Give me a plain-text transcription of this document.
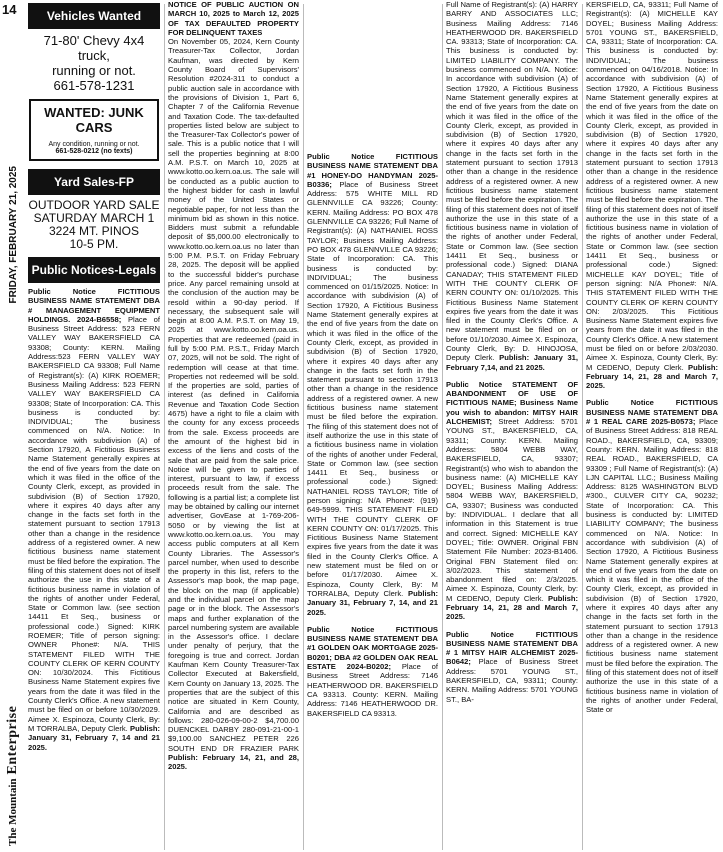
14
The Mountain
Enterprise
FRIDAY, FEBRUARY 21, 2025
Vehicles Wanted
71-80' Chevy 4x4 truck,
running or not.
661-578-1231
WANTED: JUNK CARS
Any condition, running or not.
661-528-0212 (no texts)
Yard Sales-FP
OUTDOOR YARD SALE
SATURDAY MARCH 1
3224 MT. PINOS
10-5 PM.
Public Notices-Legals
Public Notice FICTITIOUS BUSINESS NAME STATEMENT DBA # MANAGEMENT EQUIPMENT HOLDINGS. 2024-B6558; Place of Business Street Address: 523 FERN VALLEY WAY BAKERSFIELD CA 93308; County: KERN. Mailing Address:523 FERN VALLEY WAY BAKERSFIELD CA 93308; Full Name of Registrant(s): (A) KIRK ROEMER; Business Mailing Address: 523 FERN VALLEY WAY BAKERSFIELD CA 93308; State of Incorporation: CA. This business is conducted by: INDIVIDUAL; The business commenced on N/A. Notice: In accordance with subdivision (A) of Section 17920, A Fictitious Business Name Statement generally expires at the end of five years from the date on which it was filed in the office of the County Clerk, except, as provided in subdivision (B) of Section 17920, where it expires 40 days after any change in the facts set forth in the statement pursuant to section 17913 other than a change in the residence address of a registered owner. A new fictitious business name statement must be filed before the expiration. The filing of this statement does not of itself authorize the use in this state of a fictitious business name in violation of the rights of another under Federal, State or Common law. (see section 14411 Et Seq., business or professional code.) Signed: KIRK ROEMER; Title of person signing: OWNER Phone#: N/A. THIS STATEMENT FILED WITH THE COUNTY CLERK OF KERN COUNTY ON: 10/30/2024. This Fictitious Business Name Statement expires five years from the date it was filed in the County Clerk's Office. A new statement must be filed on or before 10/30/2029. Aimee X. Espinoza, County Clerk, By: M TORRALBA, Deputy Clerk. Publish: January 31, February 7, 14 and 21 2025.
NOTICE OF PUBLIC AUCTION ON MARCH 10, 2025 to March 12, 2025 OF TAX DEFAULTED PROPERTY FOR DELINQUENT TAXES
On November 05, 2024, Kern County Treasurer-Tax Collector, Jordan Kaufman, was directed by Kern County Board of Supervisors' Resolution #2024-311 to conduct a public auction sale in accordance with the provisions of Division 1, Part 6, Chapter 7 of the California Revenue and Taxation Code. The tax-defaulted properties listed below are subject to the Treasurer-Tax Collector's power of sale. This is a public notice that I will sell the properties beginning at 8:00 A.M. P.S.T. on March 10, 2025 at www.kotto.oo.kern.oa.us. The sale will be conducted as a public auction to the highest bidder for cash in lawful money of the United States or negotiable paper, for not less than the minimum bid as shown in this notice. Bidders must submit a refundable deposit of $5,000.00 electronically to www.kotto.oo.kern.oa.us no later than 5:00 P.M. P.S.T. on Friday February 28, 2025. The deposit will be applied to the successful bidder's purchase price. Any parcel remaining unsold at the conclusion of the auction may be resold within a 90-day period. If necessary, the subsequent sale will begin at 8:00 A.M. P.S.T. on May 19, 2025 at www.kotto.oo.kern.oa.us. Properties that are redeemed (paid in full by 5:00 P.M. P.S.T., Friday March 07, 2025, will not be sold. The right of redemption will cease at that time. Properties not redeemed will be sold. If the properties are sold, parties of interest (as defined in California Revenue and Taxation Code Section 4675) have a right to file a claim with the county for any excess proceeds from the sale. Excess proceeds are the amount of the highest bid in excess of the liens and costs of the sale that are paid from the sale price. Notice will be given to parties of interest, pursuant to law, if excess proceeds result from the sale. The following is a partial list; a complete list may be obtained by calling our internet advertiser, GovEase at 1-769-206-5050 or by viewing the list at www.kotto.oo.kern.oa.us. You may access public computers at all Kern County Libraries. The Assessor's parcel number, when used to describe the property in this list, refers to the Assessor's map book, the map page, the block on the map (if applicable) and the individual parcel on the map page or in the block. The Assessor's maps and further explanation of the parcel numbering system are available in the Assessor's office. I declare under penalty of perjury, that the foregoing is true and correct. Jordan Kaufman Kern County Treasurer-Tax Collector Executed at Bakersfield, Kern County on January 13, 2025. The properties that are the subject of this notice are situated in Kern County, California and are described as follows: 280-026-09-00-2 $4,700.00 DUENCKEL DARBY 280-091-21-00-1 $9,100.00 SANCHEZ PETER 226 SOUTH END DR FRAZIER PARK Publish: February 14, 21, and 28, 2025.
Public Notice FICTITIOUS BUSINESS NAME STATEMENT DBA #1 HONEY-DO HANDYMAN 2025-B0336; Place of Business Street Address: 575 WHITE MILL RD GLENNVILLE CA 93226; County: KERN. Mailing Address: PO BOX 478 GLENNVILLE CA 93226; Full Name of Registrant(s): (A) NATHANIEL ROSS TAYLOR; Business Mailing Address: PO BOX 478 GLENNVILLE CA 93226; State of Incorporation: CA. This business is conducted by: INDIVIDUAL; The business commenced on 01/15/2025. Notice: In accordance with subdivision (A) of Section 17920, A Fictitious Business Name Statement generally expires at the end of five years from the date on which it was filed in the office of the County Clerk, except, as provided in subdivision (B) of Section 17920, where it expires 40 days after any change in the facts set forth in the statement pursuant to section 17913 other than a change in the residence address of a registered owner. A new fictitious business name statement must be filed before the expiration. The filing of this statement does not of itself authorize the use in this state of a fictitious business name in violation of the rights of another under Federal, State or Common law. (see section 14411 Et Seq., business or professional code.) Signed: NATHANIEL ROSS TAYLOR; Title of person signing: N/A Phone#: (919) 649-5999. THIS STATEMENT FILED WITH THE COUNTY CLERK OF KERN COUNTY ON: 01/17/2025. This Fictitious Business Name Statement expires five years from the date it was filed in the County Clerk's Office. A new statement must be filed on or before 01/17/2030. Aimee X. Espinoza, County Clerk, By: M TORRALBA, Deputy Clerk. Publish: January 31, February 7, 14, and 21 2025.
Public Notice FICTITIOUS BUSINESS NAME STATEMENT DBA #1 GOLDEN OAK MORTGAGE 2025-B0201; DBA #2 GOLDEN OAK REAL ESTATE 2024-B0202; Place of Business Street Address: 7146 HEATHERWOOD DR. BAKERSFIELD CA 93313. County: KERN. Mailing Address: 7146 HEATHERWOOD DR. BAKERSFIELD CA 93313.
Full Name of Registrant(s): (A) HARRY BARRY AND ASSOCIATES LLC; Business Mailing Address: 7146 HEATHERWOOD DR. BAKERSFIELD CA. 93313; State of Incorporation: CA. This business is conducted by: LIMITED LIABILITY COMPANY. The business commenced on N/A. Notice: In accordance with subdivision (A) of Section 17920, A Fictitious Business Name Statement generally expires at the end of five years from the date on which it was filed in the office of the County Clerk, except, as provided in subdivision (B) of Section 17920, where it expires 40 days after any change in the facts set forth in the statement pursuant to section 17913 other than a change in the residence address of a registered owner. A new fictitious business name statement must be filed before the expiration. The filing of this statement does not of itself authorize the use in this state of a fictitious business name in violation of the rights of another under Federal, State or Common law. (See section 14411 Et Seq., business or professional code.) Signed: DIANA CANADAY; THIS STATEMENT FILED WITH THE COUNTY CLERK OF KERN COUNTY ON: 01/10/2025. This Fictitious Business Name Statement expires five years from the date it was filed in the County Clerk's Office. A new statement must be filed on or before 01/10/2030. Aimee X. Espinoza, County Clerk, By: D. HINOJOSA, Deputy Clerk. Publish: January 31, February 7,14, and 21 2025.
Public Notice STATEMENT OF ABANDONMENT OF USE OF FICTITIOUS NAME; Business Name you wish to abandon: MITSY HAIR ALCHEMIST; Street Address: 5701 YOUNG ST., BAKERSFIELD, CA, 93311; County: KERN. Mailing Address: 5804 WEBB WAY, BAKERSFIELD, CA, 93307; Registrant(s) who wish to abandon the business name: (A) MICHELLE KAY DOYEL; Business Mailing Address: 5804 WEBB WAY, BAKERSFIELD, CA, 93307; Business was conducted by: INDIVIDUAL. I declare that all information in this Statement is true and correct. Signed: MICHELLE KAY DOYEL; Title: OWNER. Original FBN Statement File Number: 2023-B1406. Original FBN Statement filed on: 3/02/2023. This statement of abandonment filed on: 2/3/2025. Aimee X. Espinoza, County Clerk, by: M CEDENO, Deputy Clerk. Publish: February 14, 21, 28 and March 7, 2025.
Public Notice FICTITIOUS BUSINESS NAME STATEMENT DBA # 1 MITSY HAIR ALCHEMIST 2025-B0642; Place of Business Street Address: 5701 YOUNG ST., BAKERSFIELD, CA, 93311; County: KERN. Mailing Address: 5701 YOUNG ST., BA-
KERSFIELD, CA, 93311; Full Name of Registrant(s): (A) MICHELLE KAY DOYEL; Business Mailing Address: 5701 YOUNG ST., BAKERSFIELD, CA, 93311; State of Incorporation: CA. This business is conducted by: INDIVIDUAL; The business commenced on 04/16/2018. Notice: In accordance with subdivision (A) of Section 17920, A Fictitious Business Name Statement generally expires at the end of five years from the date on which it was filed in the office of the County Clerk, except, as provided in subdivision (B) of Section 17920, where it expires 40 days after any change in the facts set forth in the statement pursuant to section 17913 other than a change in the residence address of a registered owner. A new fictitious business name statement must be filed before the expiration. The filing of this statement does not of itself authorize the use in this state of a fictitious business name in violation of the rights of another under Federal, State or Common law. (see section 14411 Et Seq., business or professional code.) Signed: MICHELLE KAY DOYEL; Title of person signing: N/A Phone#: N/A. THIS STATEMENT FILED WITH THE COUNTY CLERK OF KERN COUNTY ON: 2/03/2025. This Fictitious Business Name Statement expires five years from the date it was filed in the County Clerk's Office. A new statement must be filed on or before 2/03/2030. Aimee X. Espinoza, County Clerk, By: M CEDENO, Deputy Clerk. Publish: February 14, 21, 28 and March 7, 2025.
Public Notice FICTITIOUS BUSINESS NAME STATEMENT DBA # 1 REAL CARE 2025-B0573; Place of Business Street Address: 818 REAL ROAD., BAKERSFIELD, CA, 93309; County: KERN. Mailing Address: 818 REAL ROAD., BAKERSFIELD, CA 93309 ; Full Name of Registrant(s): (A) LJN CAPITAL LLC.; Business Mailing Address: 8125 WASHINGTON BLVD #300., CULVER CITY CA, 90232; State of Incorporation: CA. This business is conducted by: LIMITED LIABILITY COMPANY; The business commenced on N/A. Notice: In accordance with subdivision (A) of Section 17920, A Fictitious Business Name Statement generally expires at the end of five years from the date on which it was filed in the office of the County Clerk, except, as provided in subdivision (B) of Section 17920, where it expires 40 days after any change in the facts set forth in the statement pursuant to section 17913 other than a change in the residence address of a registered owner. A new fictitious business name statement must be filed before the expiration. The filing of this statement does not of itself authorize the use in this state of a fictitious business name in violation of the rights of another under Federal, State or
